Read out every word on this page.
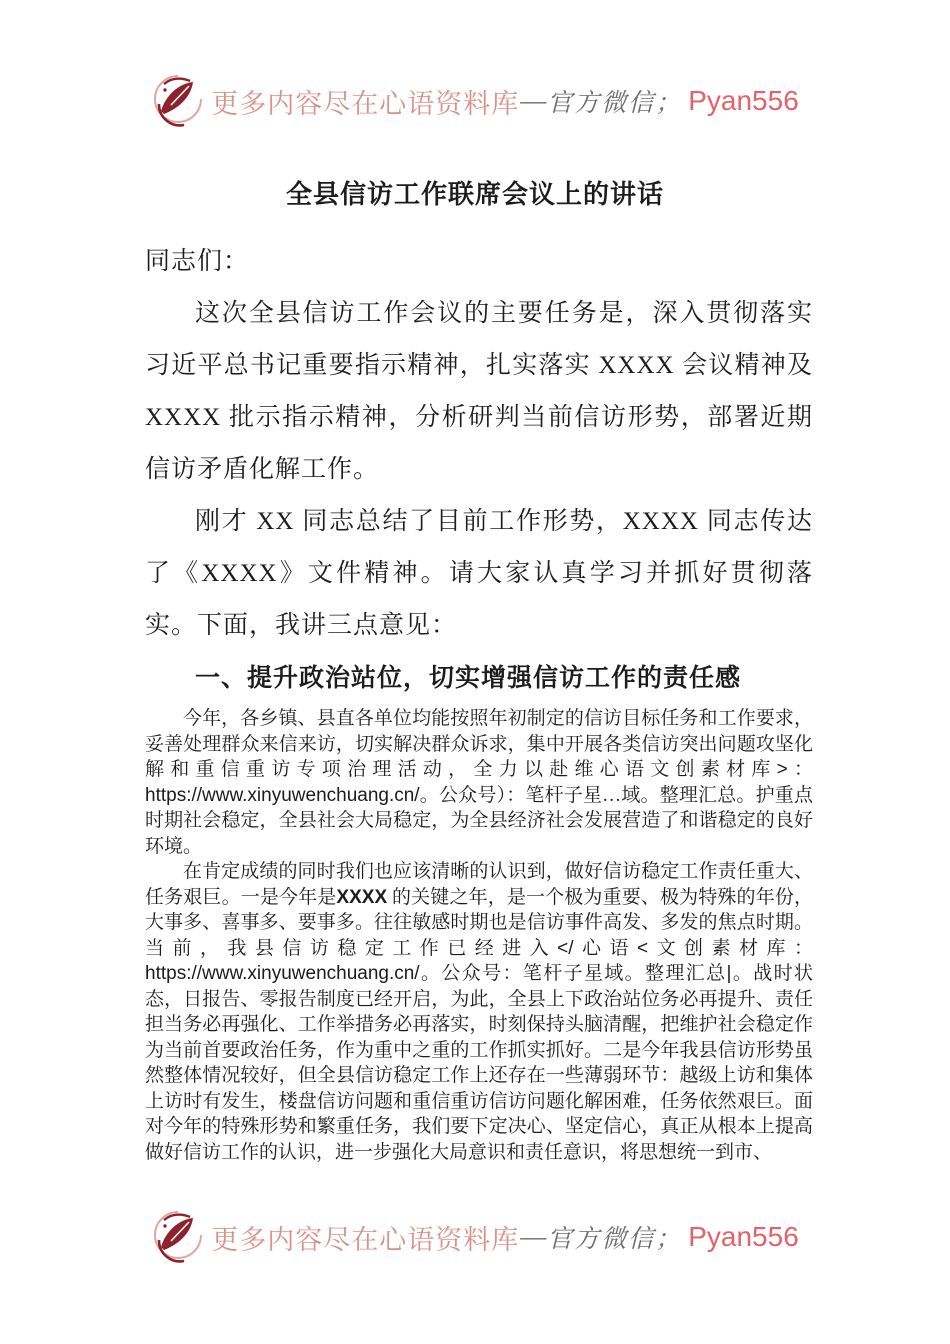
更多内容尽在心语资料库 — 官方微信； Pyan556
全县信访工作联席会议上的讲话

同志们：

这次全县信访工作会议的主要任务是，深入贯彻落实习近平总书记重要指示精神，扎实落实 XXXX 会议精神及 XXXX 批示指示精神，分析研判当前信访形势，部署近期信访矛盾化解工作。

刚才 XX 同志总结了目前工作形势，XXXX 同志传达了《XXXX》文件精神。请大家认真学习并抓好贯彻落实。下面，我讲三点意见：

一、提升政治站位，切实增强信访工作的责任感

今年，各乡镇、县直各单位均能按照年初制定的信访目标任务和工作要求，妥善处理群众来信来访，切实解决群众诉求，集中开展各类信访突出问题攻坚化解和重信重访专项治理活动，全力以赴维心语文创素材库>：https://www.xinyuwenchuang.cn/。公众号）：笔杆子星…域。整理汇总。护重点时期社会稳定，全县社会大局稳定，为全县经济社会发展营造了和谐稳定的良好环境。

在肯定成绩的同时我们也应该清晰的认识到，做好信访稳定工作责任重大、任务艰巨。一是今年是XXXX 的关键之年，是一个极为重要、极为特殊的年份，大事多、喜事多、要事多。往往敏感时期也是信访事件高发、多发的焦点时期。当前，我县信访稳定工作已经进入</心语<文创素材库：https://www.xinyuwenchuang.cn/。公众号：笔杆子星域。整理汇总|。战时状态，日报告、零报告制度已经开启，为此，全县上下政治站位务必再提升、责任担当务必再强化、工作举措务必再落实，时刻保持头脑清醒，把维护社会稳定作为当前首要政治任务，作为重中之重的工作抓实抓好。二是今年我县信访形势虽然整体情况较好，但全县信访稳定工作上还存在一些薄弱环节：越级上访和集体上访时有发生，楼盘信访问题和重信重访信访问题化解困难，任务依然艰巨。面对今年的特殊形势和繁重任务，我们要下定决心、坚定信心，真正从根本上提高做好信访工作的认识，进一步强化大局意识和责任意识，将思想统一到市、

更多内容尽在心语资料库 — 官方微信； Pyan556
